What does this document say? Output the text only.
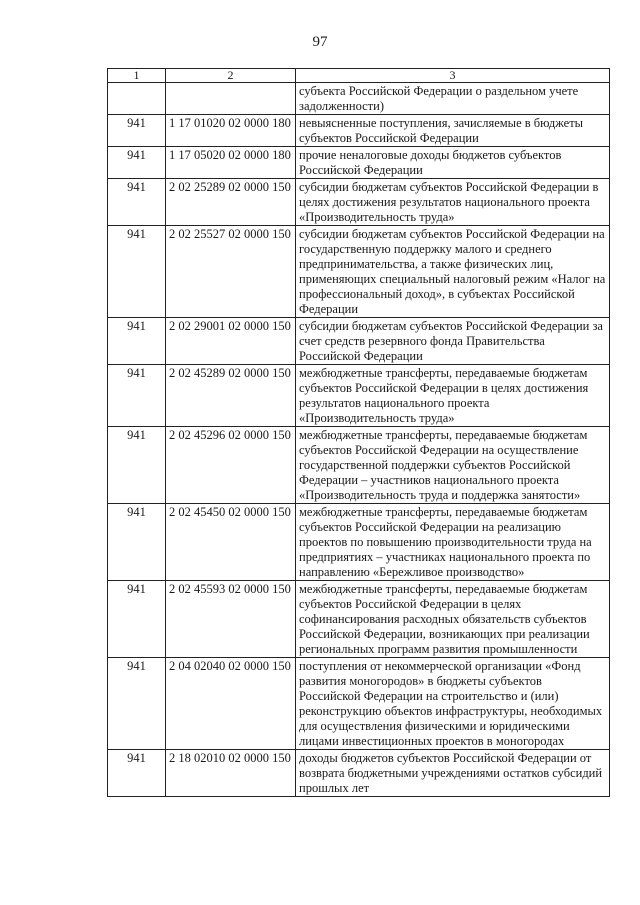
97
1	2	3
		субъекта Российской Федерации о раздельном учете задолженности)
941	1 17 01020 02 0000 180	невыясненные поступления, зачисляемые в бюджеты субъектов Российской Федерации
941	1 17 05020 02 0000 180	прочие неналоговые доходы бюджетов субъектов Российской Федерации
941	2 02 25289 02 0000 150	субсидии бюджетам субъектов Российской Федерации в целях достижения результатов национального проекта «Производительность труда»
941	2 02 25527 02 0000 150	субсидии бюджетам субъектов Российской Федерации на государственную поддержку малого и среднего предпринимательства, а также физических лиц, применяющих специальный налоговый режим «Налог на профессиональный доход», в субъектах Российской Федерации
941	2 02 29001 02 0000 150	субсидии бюджетам субъектов Российской Федерации за счет средств резервного фонда Правительства Российской Федерации
941	2 02 45289 02 0000 150	межбюджетные трансферты, передаваемые бюджетам субъектов Российской Федерации в целях достижения результатов национального проекта «Производительность труда»
941	2 02 45296 02 0000 150	межбюджетные трансферты, передаваемые бюджетам субъектов Российской Федерации на осуществление государственной поддержки субъектов Российской Федерации – участников национального проекта «Производительность труда и поддержка занятости»
941	2 02 45450 02 0000 150	межбюджетные трансферты, передаваемые бюджетам субъектов Российской Федерации на реализацию проектов по повышению производительности труда на предприятиях – участниках национального проекта по направлению «Бережливое производство»
941	2 02 45593 02 0000 150	межбюджетные трансферты, передаваемые бюджетам субъектов Российской Федерации в целях софинансирования расходных обязательств субъектов Российской Федерации, возникающих при реализации региональных программ развития промышленности
941	2 04 02040 02 0000 150	поступления от некоммерческой организации «Фонд развития моногородов» в бюджеты субъектов Российской Федерации на строительство и (или) реконструкцию объектов инфраструктуры, необходимых для осуществления физическими и юридическими лицами инвестиционных проектов в моногородах
941	2 18 02010 02 0000 150	доходы бюджетов субъектов Российской Федерации от возврата бюджетными учреждениями остатков субсидий прошлых лет
